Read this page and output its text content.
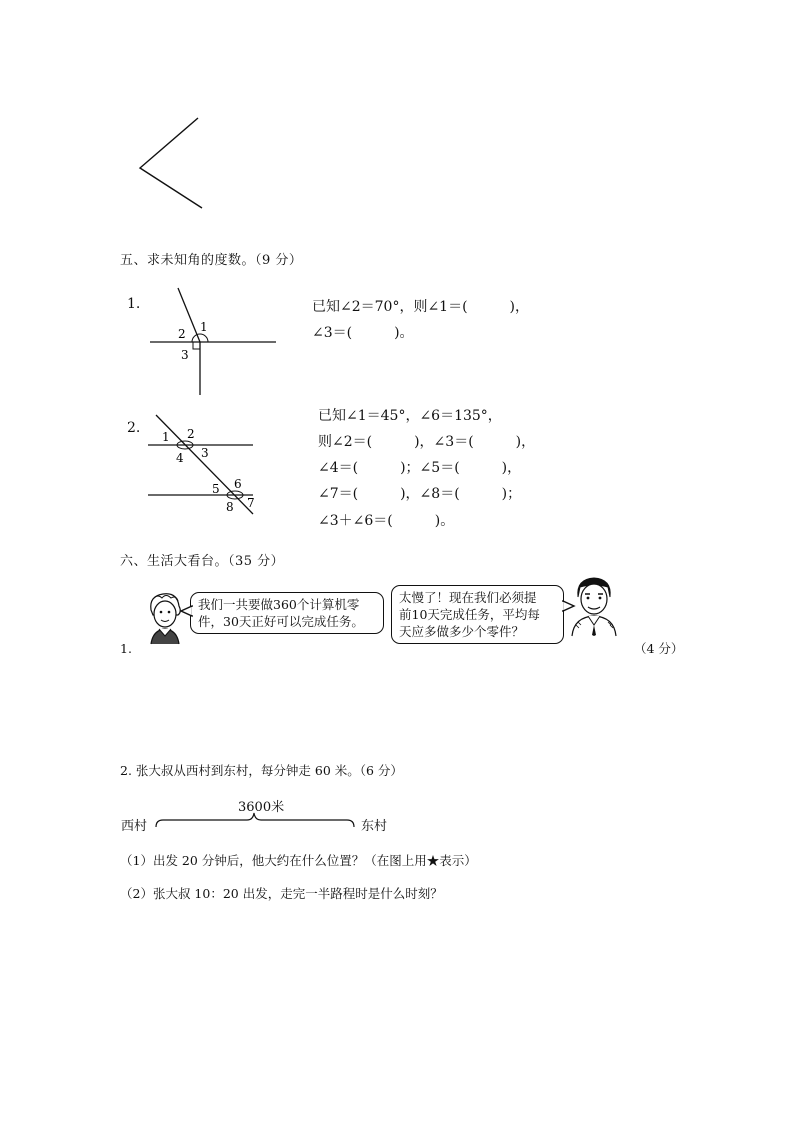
五、求未知角的度数。（9 分）
1.
1
2
3
已知∠2＝70°，则∠1＝(　　　)，
∠3＝(　　　)。
2.
1 2
3
4
5 6
7
8
已知∠1＝45°，∠6＝135°，
则∠2＝(　　　)，∠3＝(　　　)，
∠4＝(　　　)；∠5＝(　　　)，
∠7＝(　　　)，∠8＝(　　　)；
∠3＋∠6＝(　　　)。
六、生活大看台。（35 分）
1.
我们一共要做360个计算机零
件，30天正好可以完成任务。
太慢了！现在我们必须提
前10天完成任务，平均每
天应多做多少个零件？
（4 分）
2. 张大叔从西村到东村，每分钟走 60 米。（6 分）
3600米
西村	东村
（1）出发 20 分钟后，他大约在什么位置？（在图上用★表示）
（2）张大叔 10：20 出发，走完一半路程时是什么时刻？
